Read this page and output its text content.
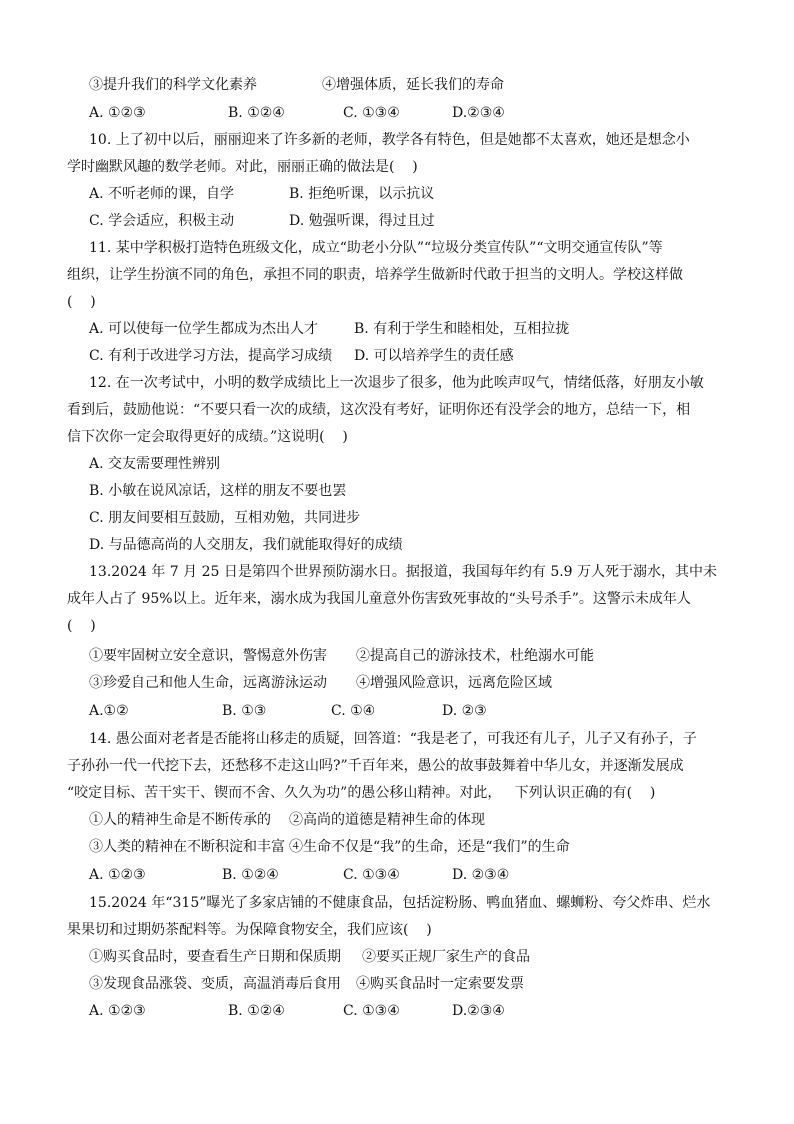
③提升我们的科学文化素养	④增强体质，延长我们的寿命
A. ①②③	B. ①②④	C. ①③④	D.②③④
10. 上了初中以后，丽丽迎来了许多新的老师，教学各有特色，但是她都不太喜欢，她还是想念小
学时幽默风趣的数学老师。对此，丽丽正确的做法是(    )
A. 不听老师的课，自学	B. 拒绝听课，以示抗议
C. 学会适应，积极主动	D. 勉强听课，得过且过
11. 某中学积极打造特色班级文化，成立“助老小分队”“垃圾分类宣传队”“文明交通宣传队”等
组织，让学生扮演不同的角色，承担不同的职责，培养学生做新时代敢于担当的文明人。学校这样做
(    )
A. 可以使每一位学生都成为杰出人才	B. 有利于学生和睦相处，互相拉拢
C. 有利于改进学习方法，提高学习成绩 D. 可以培养学生的责任感
12. 在一次考试中，小明的数学成绩比上一次退步了很多，他为此唉声叹气，情绪低落，好朋友小敏
看到后，鼓励他说：“不要只看一次的成绩，这次没有考好，证明你还有没学会的地方，总结一下，相
信下次你一定会取得更好的成绩。”这说明(    )
A. 交友需要理性辨别
B. 小敏在说风凉话，这样的朋友不要也罢
C. 朋友间要相互鼓励，互相劝勉，共同进步
D. 与品德高尚的人交朋友，我们就能取得好的成绩
13.2024 年 7 月 25 日是第四个世界预防溺水日。据报道，我国每年约有 5.9 万人死于溺水，其中未
成年人占了 95%以上。近年来，溺水成为我国儿童意外伤害致死事故的“头号杀手”。这警示未成年人
(    )
①要牢固树立安全意识，警惕意外伤害 ②提高自己的游泳技术，杜绝溺水可能
③珍爱自己和他人生命，远离游泳运动 ④增强风险意识，远离危险区域
A.①②	B. ①③	C. ①④	D. ②③
14. 愚公面对老者是否能将山移走的质疑，回答道：“我是老了，可我还有儿子，儿子又有孙子，子
子孙孙一代一代挖下去，还愁移不走这山吗?”千百年来，愚公的故事鼓舞着中华儿女，并逐渐发展成
“咬定目标、苦干实干、锲而不舍、久久为功”的愚公移山精神。对此，   下列认识正确的有(    )
①人的精神生命是不断传承的 ②高尚的道德是精神生命的体现
③人类的精神在不断积淀和丰富 ④生命不仅是“我”的生命，还是“我们”的生命
A. ①②③	B. ①②④	C. ①③④	D. ②③④
15.2024 年“315”曝光了多家店铺的不健康食品，包括淀粉肠、鸭血猪血、螺蛳粉、夸父炸串、烂水
果果切和过期奶茶配料等。为保障食物安全，我们应该(    )
①购买食品时，要查看生产日期和保质期 ②要买正规厂家生产的食品
③发现食品涨袋、变质，高温消毒后食用 ④购买食品时一定索要发票
A. ①②③	B. ①②④	C. ①③④	D.②③④
